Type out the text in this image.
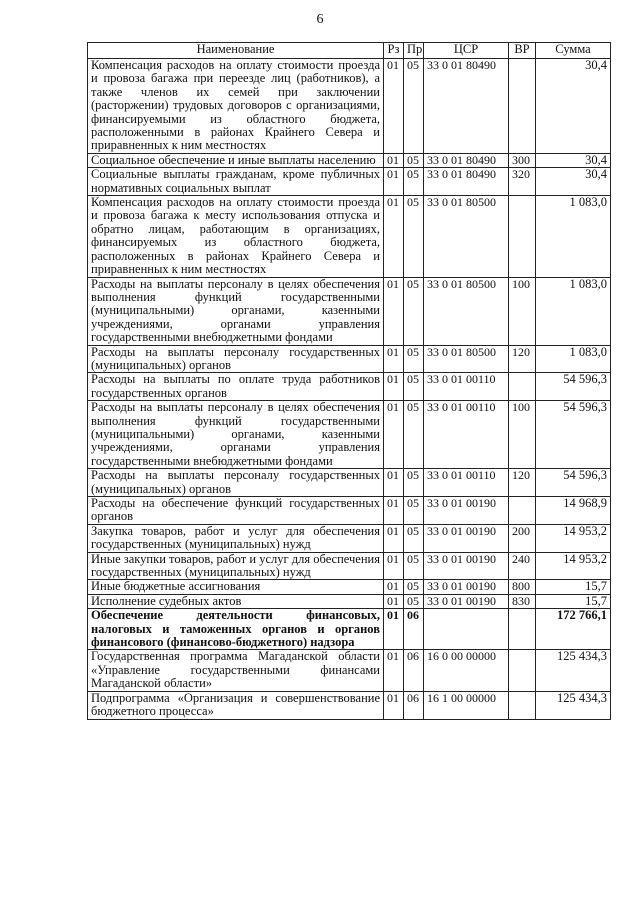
6
Наименование	Рз	Пр	ЦСР	ВР	Сумма
Компенсация расходов на оплату стоимости проезда и провоза багажа при переезде лиц (работников), а также членов их семей при заключении (расторжении) трудовых договоров с организациями, финансируемыми из областного бюджета, расположенными в районах Крайнего Севера и приравненных к ним местностях	01	05	33 0 01 80490		30,4
Социальное обеспечение и иные выплаты населению	01	05	33 0 01 80490	300	30,4
Социальные выплаты гражданам, кроме публичных нормативных социальных выплат	01	05	33 0 01 80490	320	30,4
Компенсация расходов на оплату стоимости проезда и провоза багажа к месту использования отпуска и обратно лицам, работающим в организациях, финансируемых из областного бюджета, расположенных в районах Крайнего Севера и приравненных к ним местностях	01	05	33 0 01 80500		1 083,0
Расходы на выплаты персоналу в целях обеспечения выполнения функций государственными (муниципальными) органами, казенными учреждениями, органами управления государственными внебюджетными фондами	01	05	33 0 01 80500	100	1 083,0
Расходы на выплаты персоналу государственных (муниципальных) органов	01	05	33 0 01 80500	120	1 083,0
Расходы на выплаты по оплате труда работников государственных органов	01	05	33 0 01 00110		54 596,3
Расходы на выплаты персоналу в целях обеспечения выполнения функций государственными (муниципальными) органами, казенными учреждениями, органами управления государственными внебюджетными фондами	01	05	33 0 01 00110	100	54 596,3
Расходы на выплаты персоналу государственных (муниципальных) органов	01	05	33 0 01 00110	120	54 596,3
Расходы на обеспечение функций государственных органов	01	05	33 0 01 00190		14 968,9
Закупка товаров, работ и услуг для обеспечения государственных (муниципальных) нужд	01	05	33 0 01 00190	200	14 953,2
Иные закупки товаров, работ и услуг для обеспечения государственных (муниципальных) нужд	01	05	33 0 01 00190	240	14 953,2
Иные бюджетные ассигнования	01	05	33 0 01 00190	800	15,7
Исполнение судебных актов	01	05	33 0 01 00190	830	15,7
Обеспечение деятельности финансовых, налоговых и таможенных органов и органов финансового (финансово-бюджетного) надзора	01	06			172 766,1
Государственная программа Магаданской области «Управление государственными финансами Магаданской области»	01	06	16 0 00 00000		125 434,3
Подпрограмма «Организация и совершенствование бюджетного процесса»	01	06	16 1 00 00000		125 434,3
